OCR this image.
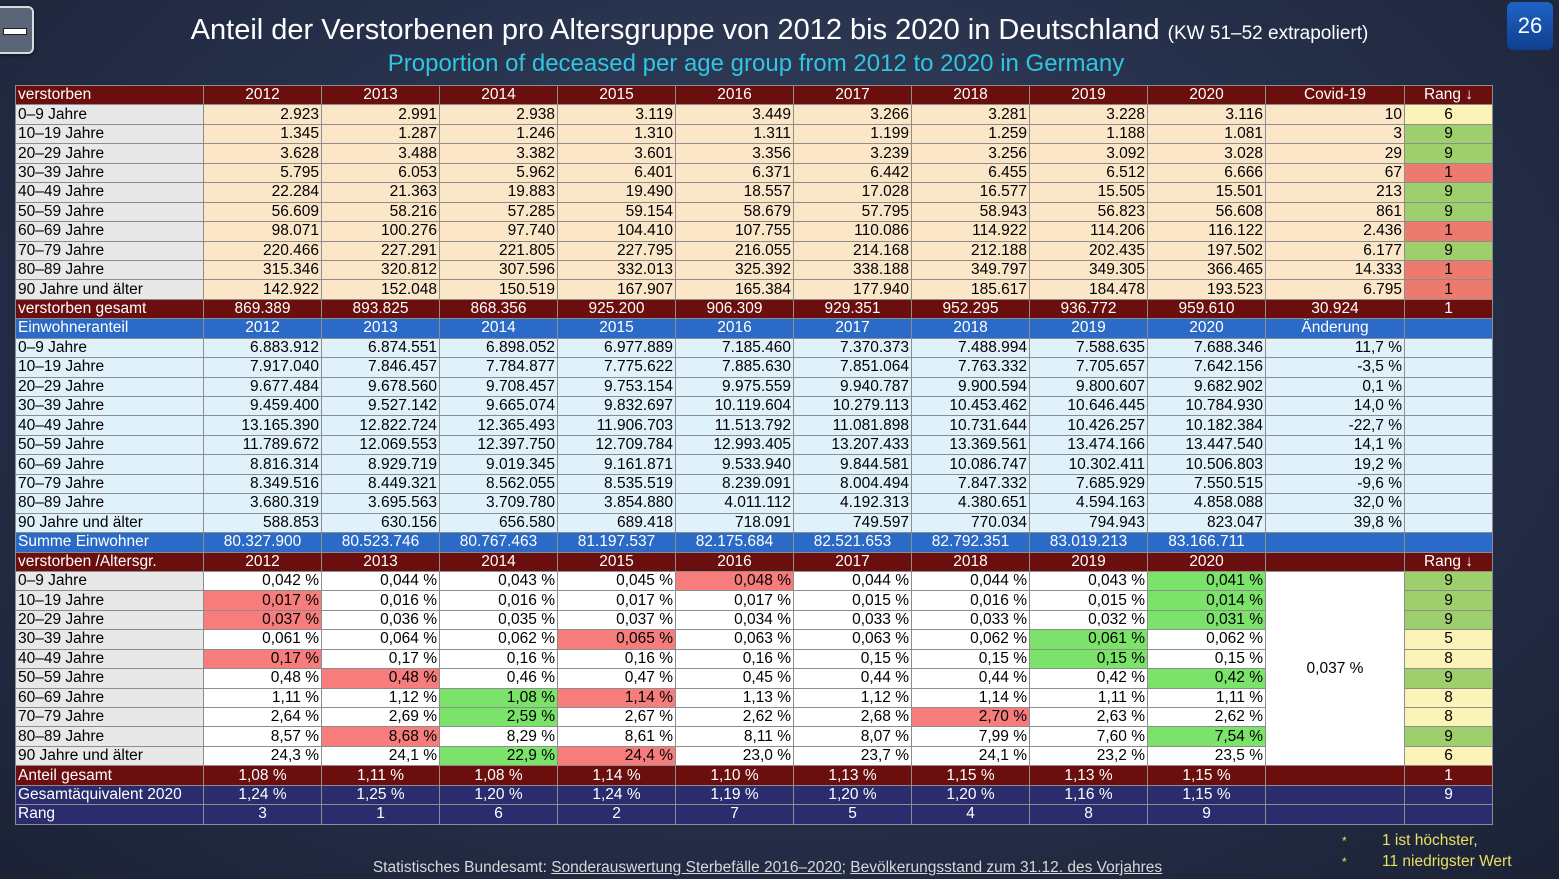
26
Anteil der Verstorbenen pro Altersgruppe von 2012 bis 2020 in Deutschland (KW 51–52 extrapoliert)
Proportion of deceased per age group from 2012 to 2020 in Germany
verstorben	2012	2013	2014	2015	2016	2017	2018	2019	2020	Covid-19	Rang ↓
0–9 Jahre	2.923	2.991	2.938	3.119	3.449	3.266	3.281	3.228	3.116	10	6
10–19 Jahre	1.345	1.287	1.246	1.310	1.311	1.199	1.259	1.188	1.081	3	9
20–29 Jahre	3.628	3.488	3.382	3.601	3.356	3.239	3.256	3.092	3.028	29	9
30–39 Jahre	5.795	6.053	5.962	6.401	6.371	6.442	6.455	6.512	6.666	67	1
40–49 Jahre	22.284	21.363	19.883	19.490	18.557	17.028	16.577	15.505	15.501	213	9
50–59 Jahre	56.609	58.216	57.285	59.154	58.679	57.795	58.943	56.823	56.608	861	9
60–69 Jahre	98.071	100.276	97.740	104.410	107.755	110.086	114.922	114.206	116.122	2.436	1
70–79 Jahre	220.466	227.291	221.805	227.795	216.055	214.168	212.188	202.435	197.502	6.177	9
80–89 Jahre	315.346	320.812	307.596	332.013	325.392	338.188	349.797	349.305	366.465	14.333	1
90 Jahre und älter	142.922	152.048	150.519	167.907	165.384	177.940	185.617	184.478	193.523	6.795	1
verstorben gesamt	869.389	893.825	868.356	925.200	906.309	929.351	952.295	936.772	959.610	30.924	1
Einwohneranteil	2012	2013	2014	2015	2016	2017	2018	2019	2020	Änderung	
0–9 Jahre	6.883.912	6.874.551	6.898.052	6.977.889	7.185.460	7.370.373	7.488.994	7.588.635	7.688.346	11,7 %	
10–19 Jahre	7.917.040	7.846.457	7.784.877	7.775.622	7.885.630	7.851.064	7.763.332	7.705.657	7.642.156	-3,5 %	
20–29 Jahre	9.677.484	9.678.560	9.708.457	9.753.154	9.975.559	9.940.787	9.900.594	9.800.607	9.682.902	0,1 %	
30–39 Jahre	9.459.400	9.527.142	9.665.074	9.832.697	10.119.604	10.279.113	10.453.462	10.646.445	10.784.930	14,0 %	
40–49 Jahre	13.165.390	12.822.724	12.365.493	11.906.703	11.513.792	11.081.898	10.731.644	10.426.257	10.182.384	-22,7 %	
50–59 Jahre	11.789.672	12.069.553	12.397.750	12.709.784	12.993.405	13.207.433	13.369.561	13.474.166	13.447.540	14,1 %	
60–69 Jahre	8.816.314	8.929.719	9.019.345	9.161.871	9.533.940	9.844.581	10.086.747	10.302.411	10.506.803	19,2 %	
70–79 Jahre	8.349.516	8.449.321	8.562.055	8.535.519	8.239.091	8.004.494	7.847.332	7.685.929	7.550.515	-9,6 %	
80–89 Jahre	3.680.319	3.695.563	3.709.780	3.854.880	4.011.112	4.192.313	4.380.651	4.594.163	4.858.088	32,0 %	
90 Jahre und älter	588.853	630.156	656.580	689.418	718.091	749.597	770.034	794.943	823.047	39,8 %	
Summe Einwohner	80.327.900	80.523.746	80.767.463	81.197.537	82.175.684	82.521.653	82.792.351	83.019.213	83.166.711		
verstorben /Altersgr.	2012	2013	2014	2015	2016	2017	2018	2019	2020		Rang ↓
0–9 Jahre	0,042 %	0,044 %	0,043 %	0,045 %	0,048 %	0,044 %	0,044 %	0,043 %	0,041 %	0,037 %	9
10–19 Jahre	0,017 %	0,016 %	0,016 %	0,017 %	0,017 %	0,015 %	0,016 %	0,015 %	0,014 %		9
20–29 Jahre	0,037 %	0,036 %	0,035 %	0,037 %	0,034 %	0,033 %	0,033 %	0,032 %	0,031 %		9
30–39 Jahre	0,061 %	0,064 %	0,062 %	0,065 %	0,063 %	0,063 %	0,062 %	0,061 %	0,062 %		5
40–49 Jahre	0,17 %	0,17 %	0,16 %	0,16 %	0,16 %	0,15 %	0,15 %	0,15 %	0,15 %		8
50–59 Jahre	0,48 %	0,48 %	0,46 %	0,47 %	0,45 %	0,44 %	0,44 %	0,42 %	0,42 %		9
60–69 Jahre	1,11 %	1,12 %	1,08 %	1,14 %	1,13 %	1,12 %	1,14 %	1,11 %	1,11 %		8
70–79 Jahre	2,64 %	2,69 %	2,59 %	2,67 %	2,62 %	2,68 %	2,70 %	2,63 %	2,62 %		8
80–89 Jahre	8,57 %	8,68 %	8,29 %	8,61 %	8,11 %	8,07 %	7,99 %	7,60 %	7,54 %		9
90 Jahre und älter	24,3 %	24,1 %	22,9 %	24,4 %	23,0 %	23,7 %	24,1 %	23,2 %	23,5 %		6
Anteil gesamt	1,08 %	1,11 %	1,08 %	1,14 %	1,10 %	1,13 %	1,15 %	1,13 %	1,15 %		1
Gesamtäquivalent 2020	1,24 %	1,25 %	1,20 %	1,24 %	1,19 %	1,20 %	1,20 %	1,16 %	1,15 %		9
Rang	3	1	6	2	7	5	4	8	9		
Statistisches Bundesamt: Sonderauswertung Sterbefälle 2016–2020; Bevölkerungsstand zum 31.12. des Vorjahres
* 1 ist höchster,
* 11 niedrigster Wert
